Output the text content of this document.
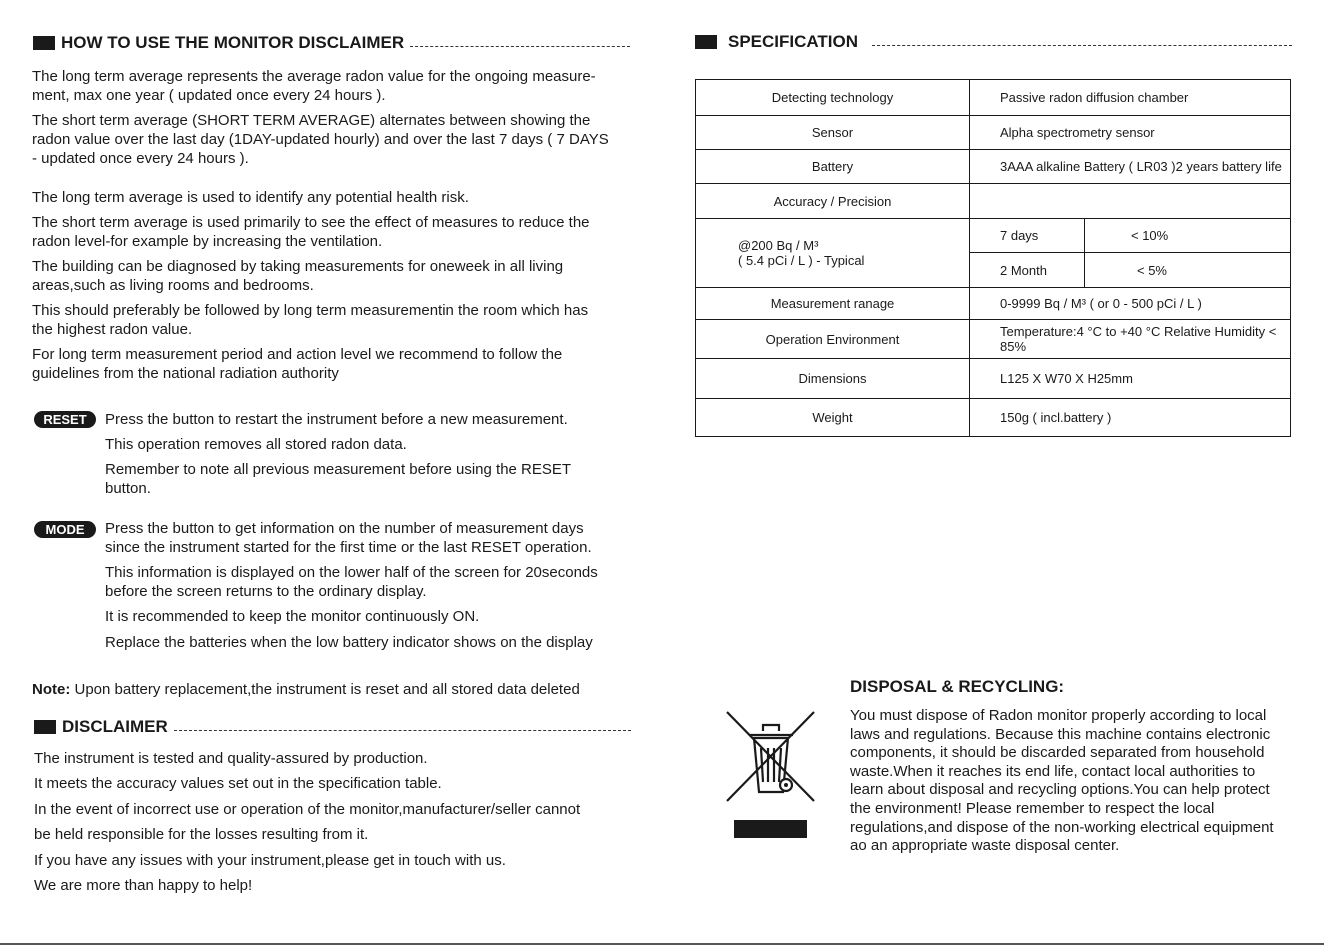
HOW TO USE THE MONITOR DISCLAIMER
The long term average represents the average radon value for the ongoing measure-
ment, max one year ( updated once every 24 hours ).
The short term average (SHORT TERM AVERAGE) alternates between showing the
radon value over the last day (1DAY-updated hourly) and over the last 7 days ( 7 DAYS
- updated once every 24 hours ).
The long term average is used to identify any potential health risk.
The short term average is used primarily to see the effect of measures to reduce the
radon level-for example by increasing the ventilation.
The building can be diagnosed by taking measurements for oneweek in all living
areas,such as living rooms and bedrooms.
This should preferably be followed by long term measurementin the room which has
the highest radon value.
For long term measurement period and action level we recommend to follow the
guidelines from the national radiation authority
RESET	Press the button to restart the instrument before a new measurement.
This operation removes all stored radon data.
Remember to note all previous measurement before using the RESET
button.
MODE	Press the button to get information on the number of measurement days
since the instrument started for the first time or the last RESET operation.
This information is displayed on the lower half of the screen for 20seconds
before the screen returns to the ordinary display.
It is recommended to keep the monitor continuously ON.
Replace the batteries when the low battery indicator shows on the display
Note: Upon battery replacement,the instrument is reset and all stored data deleted
DISCLAIMER
The instrument is tested and quality-assured by production.
It meets the accuracy values set out in the specification table.
In the event of incorrect use or operation of the monitor,manufacturer/seller cannot
be held responsible for the losses resulting from it.
If you have any issues with your instrument,please get in touch with us.
We are more than happy to help!
SPECIFICATION
Detecting technology	Passive radon diffusion chamber	
Sensor	Alpha spectrometry sensor	
Battery	3AAA alkaline Battery ( LR03 )2 years battery life	
Accuracy / Precision		

@200 Bq / M³
( 5.4 pCi / L ) - Typical	7 days	< 10%
	2 Month	< 5%
Measurement ranage	0-9999 Bq / M³ ( or 0 - 500 pCi / L )	
Operation Environment	Temperature:4 °C to +40 °C Relative Humidity < 85%	
Dimensions	L125 X W70 X H25mm	
Weight	150g ( incl.battery )	
DISPOSAL & RECYCLING:
You must dispose of Radon monitor properly according to local
laws and regulations. Because this machine contains electronic
components, it should be discarded separated from household
waste.When it reaches its end life, contact local authorities to
learn about disposal and recycling options.You can help protect
the environment! Please remember to respect the local
regulations,and dispose of the non-working electrical equipment
ao an appropriate waste disposal center.
